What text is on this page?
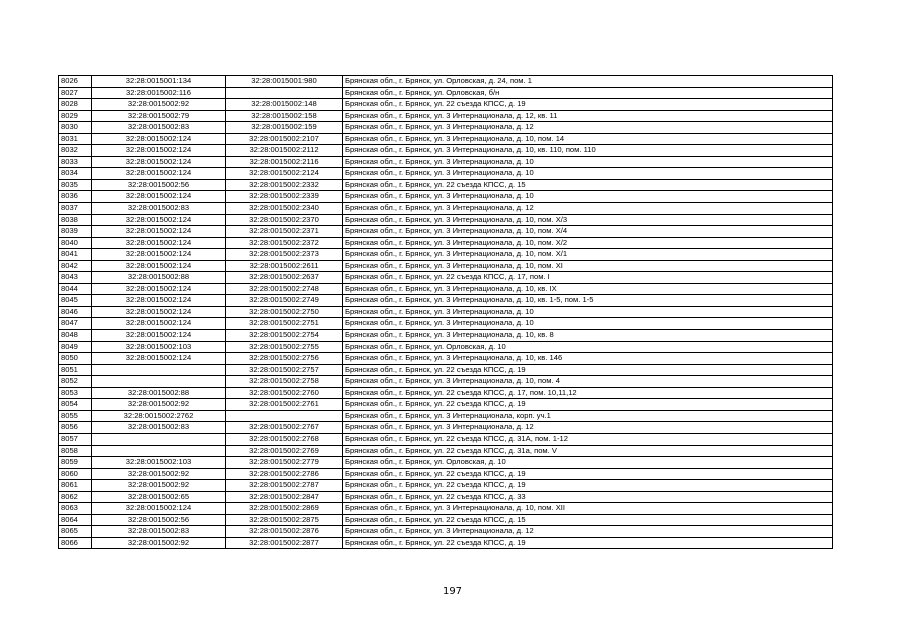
8026	32:28:0015001:134	32:28:0015001:980	Брянская обл., г. Брянск, ул. Орловская, д. 24, пом. 1
8027	32:28:0015002:116		Брянская обл., г. Брянск, ул. Орловская, б/н
8028	32:28:0015002:92	32:28:0015002:148	Брянская обл., г. Брянск, ул. 22 съезда КПСС, д. 19
8029	32:28:0015002:79	32:28:0015002:158	Брянская обл., г. Брянск, ул. 3 Интернационала, д. 12, кв. 11
8030	32:28:0015002:83	32:28:0015002:159	Брянская обл., г. Брянск, ул. 3 Интернационала, д. 12
8031	32:28:0015002:124	32:28:0015002:2107	Брянская обл., г. Брянск, ул. 3 Интернационала, д. 10, пом. 14
8032	32:28:0015002:124	32:28:0015002:2112	Брянская обл., г. Брянск, ул. 3 Интернационала, д. 10, кв. 110, пом. 110
8033	32:28:0015002:124	32:28:0015002:2116	Брянская обл., г. Брянск, ул. 3 Интернационала, д. 10
8034	32:28:0015002:124	32:28:0015002:2124	Брянская обл., г. Брянск, ул. 3 Интернационала, д. 10
8035	32:28:0015002:56	32:28:0015002:2332	Брянская обл., г. Брянск, ул. 22 съезда КПСС, д. 15
8036	32:28:0015002:124	32:28:0015002:2339	Брянская обл., г. Брянск, ул. 3 Интернационала, д. 10
8037	32:28:0015002:83	32:28:0015002:2340	Брянская обл., г. Брянск, ул. 3 Интернационала, д. 12
8038	32:28:0015002:124	32:28:0015002:2370	Брянская обл., г. Брянск, ул. 3 Интернационала, д. 10, пом. Х/3
8039	32:28:0015002:124	32:28:0015002:2371	Брянская обл., г. Брянск, ул. 3 Интернационала, д. 10, пом. Х/4
8040	32:28:0015002:124	32:28:0015002:2372	Брянская обл., г. Брянск, ул. 3 Интернационала, д. 10, пом. Х/2
8041	32:28:0015002:124	32:28:0015002:2373	Брянская обл., г. Брянск, ул. 3 Интернационала, д. 10, пом. Х/1
8042	32:28:0015002:124	32:28:0015002:2611	Брянская обл., г. Брянск, ул. 3 Интернационала, д. 10, пом. XI
8043	32:28:0015002:88	32:28:0015002:2637	Брянская обл., г. Брянск, ул. 22 съезда КПСС, д. 17, пом. I
8044	32:28:0015002:124	32:28:0015002:2748	Брянская обл., г. Брянск, ул. 3 Интернационала, д. 10, кв. IX
8045	32:28:0015002:124	32:28:0015002:2749	Брянская обл., г. Брянск, ул. 3 Интернационала, д. 10, кв. 1-5, пом. 1-5
8046	32:28:0015002:124	32:28:0015002:2750	Брянская обл., г. Брянск, ул. 3 Интернационала, д. 10
8047	32:28:0015002:124	32:28:0015002:2751	Брянская обл., г. Брянск, ул. 3 Интернационала, д. 10
8048	32:28:0015002:124	32:28:0015002:2754	Брянская обл., г. Брянск, ул. 3 Интернационала, д. 10, кв. 8
8049	32:28:0015002:103	32:28:0015002:2755	Брянская обл., г. Брянск, ул. Орловская, д. 10
8050	32:28:0015002:124	32:28:0015002:2756	Брянская обл., г. Брянск, ул. 3 Интернационала, д. 10, кв. 146
8051		32:28:0015002:2757	Брянская обл., г. Брянск, ул. 22 съезда КПСС, д. 19
8052		32:28:0015002:2758	Брянская обл., г. Брянск, ул. 3 Интернационала, д. 10, пом. 4
8053	32:28:0015002:88	32:28:0015002:2760	Брянская обл., г. Брянск, ул. 22 съезда КПСС, д. 17, пом. 10,11,12
8054	32:28:0015002:92	32:28:0015002:2761	Брянская обл., г. Брянск, ул. 22 съезда КПСС, д. 19
8055	32:28:0015002:2762		Брянская обл., г. Брянск, ул. 3 Интернационала, корп. уч.1
8056	32:28:0015002:83	32:28:0015002:2767	Брянская обл., г. Брянск, ул. 3 Интернационала, д. 12
8057		32:28:0015002:2768	Брянская обл., г. Брянск, ул. 22 съезда КПСС, д. 31А, пом. 1-12
8058		32:28:0015002:2769	Брянская обл., г. Брянск, ул. 22 съезда КПСС, д. 31а, пом. V
8059	32:28:0015002:103	32:28:0015002:2779	Брянская обл., г. Брянск, ул. Орловская, д. 10
8060	32:28:0015002:92	32:28:0015002:2786	Брянская обл., г. Брянск, ул. 22 съезда КПСС, д. 19
8061	32:28:0015002:92	32:28:0015002:2787	Брянская обл., г. Брянск, ул. 22 съезда КПСС, д. 19
8062	32:28:0015002:65	32:28:0015002:2847	Брянская обл., г. Брянск, ул. 22 съезда КПСС, д. 33
8063	32:28:0015002:124	32:28:0015002:2869	Брянская обл., г. Брянск, ул. 3 Интернационала, д. 10, пом. XII
8064	32:28:0015002:56	32:28:0015002:2875	Брянская обл., г. Брянск, ул. 22 съезда КПСС, д. 15
8065	32:28:0015002:83	32:28:0015002:2876	Брянская обл., г. Брянск, ул. 3 Интернационала, д. 12
8066	32:28:0015002:92	32:28:0015002:2877	Брянская обл., г. Брянск, ул. 22 съезда КПСС, д. 19
197
